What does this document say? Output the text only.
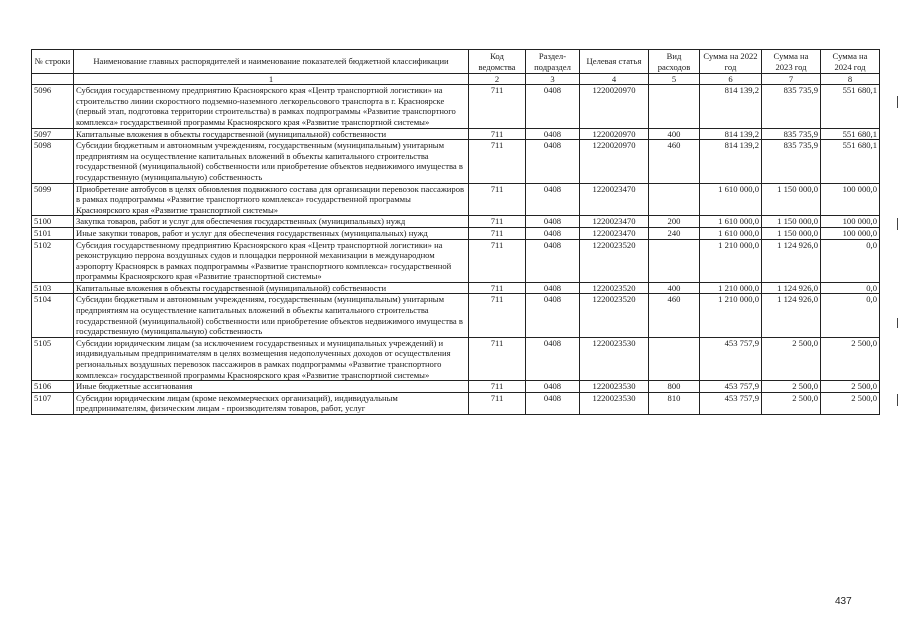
№ строки	Наименование главных распорядителей и наименование показателей бюджетной классификации	Код ведомства	Раздел-подраздел	Целевая статья	Вид расходов	Сумма на 2022 год	Сумма на 2023 год	Сумма на 2024 год
	1	2	3	4	5	6	7	8
5096	Субсидия государственному предприятию Красноярского края «Центр транспортной логистики» на строительство линии скоростного подземно-наземного легкорельсового транспорта в г. Красноярске (первый этап, подготовка территории строительства) в рамках подпрограммы «Развитие транспортного комплекса» государственной программы Красноярского края «Развитие транспортной системы»	711	0408	1220020970		814 139,2	835 735,9	551 680,1
5097	Капитальные вложения в объекты государственной (муниципальной) собственности	711	0408	1220020970	400	814 139,2	835 735,9	551 680,1
5098	Субсидии бюджетным и автономным учреждениям, государственным (муниципальным) унитарным предприятиям на осуществление капитальных вложений в объекты капитального строительства государственной (муниципальной) собственности или приобретение объектов недвижимого имущества в государственную (муниципальную) собственность	711	0408	1220020970	460	814 139,2	835 735,9	551 680,1
5099	Приобретение автобусов в целях обновления подвижного состава для организации перевозок пассажиров в рамках подпрограммы «Развитие транспортного комплекса» государственной программы Красноярского края «Развитие транспортной системы»	711	0408	1220023470		1 610 000,0	1 150 000,0	100 000,0
5100	Закупка товаров, работ и услуг для обеспечения государственных (муниципальных) нужд	711	0408	1220023470	200	1 610 000,0	1 150 000,0	100 000,0
5101	Иные закупки товаров, работ и услуг для обеспечения государственных (муниципальных) нужд	711	0408	1220023470	240	1 610 000,0	1 150 000,0	100 000,0
5102	Субсидия государственному предприятию Красноярского края «Центр транспортной логистики» на реконструкцию перрона воздушных судов и площадки перронной механизации в международном аэропорту Красноярск в рамках подпрограммы «Развитие транспортного комплекса» государственной программы Красноярского края «Развитие транспортной системы»	711	0408	1220023520		1 210 000,0	1 124 926,0	0,0
5103	Капитальные вложения в объекты государственной (муниципальной) собственности	711	0408	1220023520	400	1 210 000,0	1 124 926,0	0,0
5104	Субсидии бюджетным и автономным учреждениям, государственным (муниципальным) унитарным предприятиям на осуществление капитальных вложений в объекты капитального строительства государственной (муниципальной) собственности или приобретение объектов недвижимого имущества в государственную (муниципальную) собственность	711	0408	1220023520	460	1 210 000,0	1 124 926,0	0,0
5105	Субсидии юридическим лицам (за исключением государственных и муниципальных учреждений) и индивидуальным предпринимателям в целях возмещения недополученных доходов от осуществления региональных воздушных перевозок пассажиров в рамках подпрограммы «Развитие транспортного комплекса» государственной программы Красноярского края «Развитие транспортной системы»	711	0408	1220023530		453 757,9	2 500,0	2 500,0
5106	Иные бюджетные ассигнования	711	0408	1220023530	800	453 757,9	2 500,0	2 500,0
5107	Субсидии юридическим лицам (кроме некоммерческих организаций), индивидуальным предпринимателям, физическим лицам - производителям товаров, работ, услуг	711	0408	1220023530	810	453 757,9	2 500,0	2 500,0
437
